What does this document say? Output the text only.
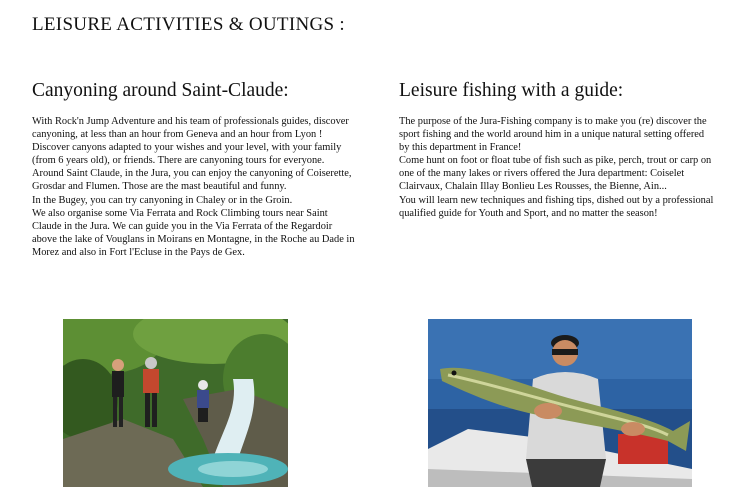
LEISURE ACTIVITIES & OUTINGS :
Canyoning around Saint-Claude:

With Rock'n Jump Adventure and his team of professionals guides, discover canyoning, at less than an hour from Geneva and an hour from Lyon ! Discover canyons adapted to your wishes and your level, with your family (from 6 years old), or friends. There are canyoning tours for everyone.

Around Saint Claude, in the Jura, you can enjoy the canyoning of Coiserette, Grosdar and Flumen. Those are the mast beautiful and funny.

In the Bugey, you can try canyoning in Chaley or in the Groin.

We also organise some Via Ferrata and Rock Climbing tours near Saint Claude in the Jura. We can guide you in the Via Ferrata of the Regardoir above the lake of Vouglans in Moirans en Montagne, in the Roche au Dade in Morez and also in Fort l'Ecluse in the Pays de Gex.

Leisure fishing with a guide:

The purpose of the Jura-Fishing company is to make you (re) discover the sport fishing and the world around him in a unique natural setting offered by this department in France!

Come hunt on foot or float tube of fish such as pike, perch, trout or carp on one of the many lakes or rivers offered the Jura department: Coiselet Clairvaux, Chalain Illay Bonlieu Les Rousses, the Bienne, Ain...

You will learn new techniques and fishing tips, dished out by a professional qualified guide for Youth and Sport, and no matter the season!
